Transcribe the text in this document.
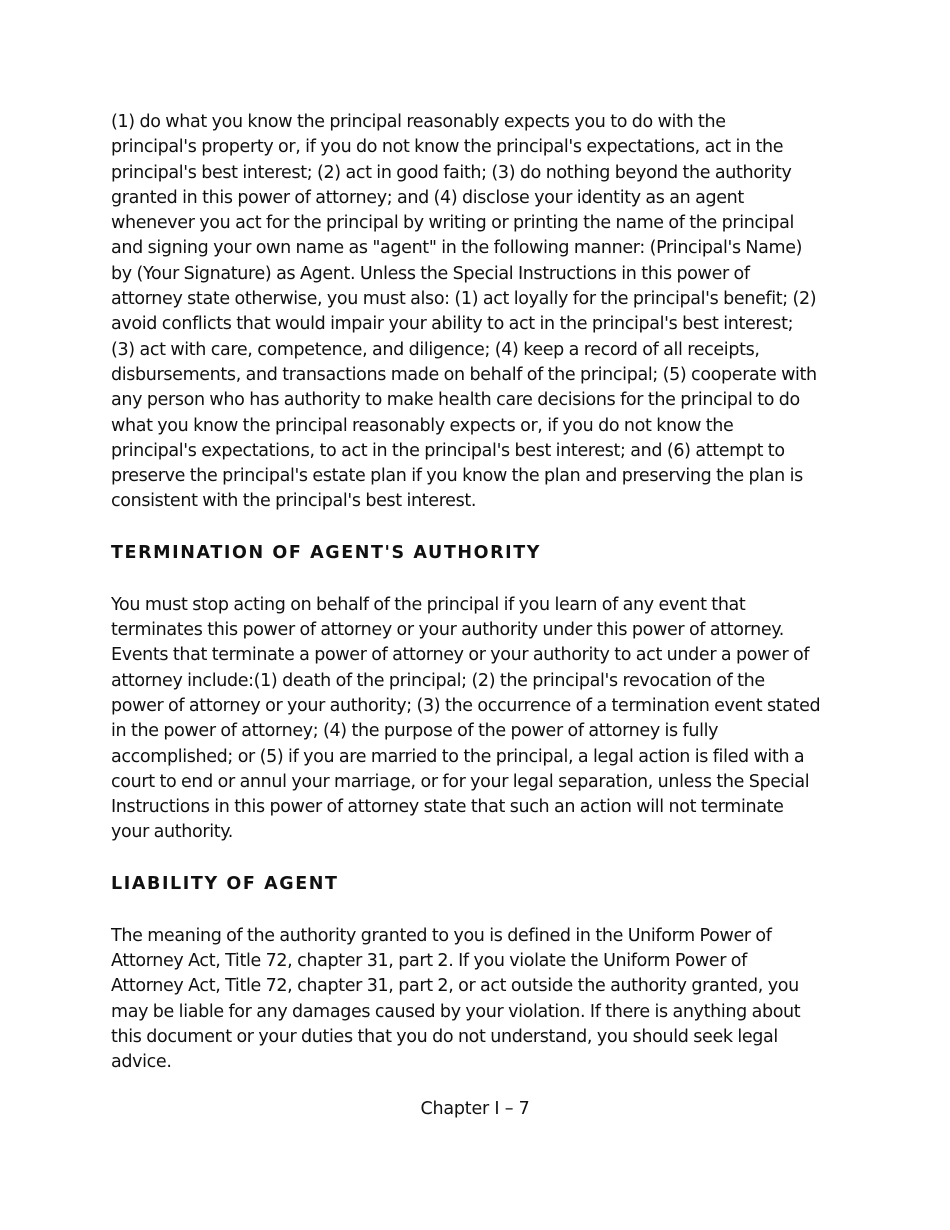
(1) do what you know the principal reasonably expects you to do with the
principal's property or, if you do not know the principal's expectations, act in the
principal's best interest; (2) act in good faith; (3) do nothing beyond the authority
granted in this power of attorney; and (4) disclose your identity as an agent
whenever you act for the principal by writing or printing the name of the principal
and signing your own name as "agent" in the following manner: (Principal's Name)
by (Your Signature) as Agent. Unless the Special Instructions in this power of
attorney state otherwise, you must also: (1) act loyally for the principal's benefit; (2)
avoid conflicts that would impair your ability to act in the principal's best interest;
(3) act with care, competence, and diligence; (4) keep a record of all receipts,
disbursements, and transactions made on behalf of the principal; (5) cooperate with
any person who has authority to make health care decisions for the principal to do
what you know the principal reasonably expects or, if you do not know the
principal's expectations, to act in the principal's best interest; and (6) attempt to
preserve the principal's estate plan if you know the plan and preserving the plan is
consistent with the principal's best interest.

TERMINATION OF AGENT'S AUTHORITY

You must stop acting on behalf of the principal if you learn of any event that
terminates this power of attorney or your authority under this power of attorney.
Events that terminate a power of attorney or your authority to act under a power of
attorney include:(1) death of the principal; (2) the principal's revocation of the
power of attorney or your authority; (3) the occurrence of a termination event stated
in the power of attorney; (4) the purpose of the power of attorney is fully
accomplished; or (5) if you are married to the principal, a legal action is filed with a
court to end or annul your marriage, or for your legal separation, unless the Special
Instructions in this power of attorney state that such an action will not terminate
your authority.

LIABILITY OF AGENT

The meaning of the authority granted to you is defined in the Uniform Power of
Attorney Act, Title 72, chapter 31, part 2. If you violate the Uniform Power of
Attorney Act, Title 72, chapter 31, part 2, or act outside the authority granted, you
may be liable for any damages caused by your violation. If there is anything about
this document or your duties that you do not understand, you should seek legal
advice.

Chapter I – 7
